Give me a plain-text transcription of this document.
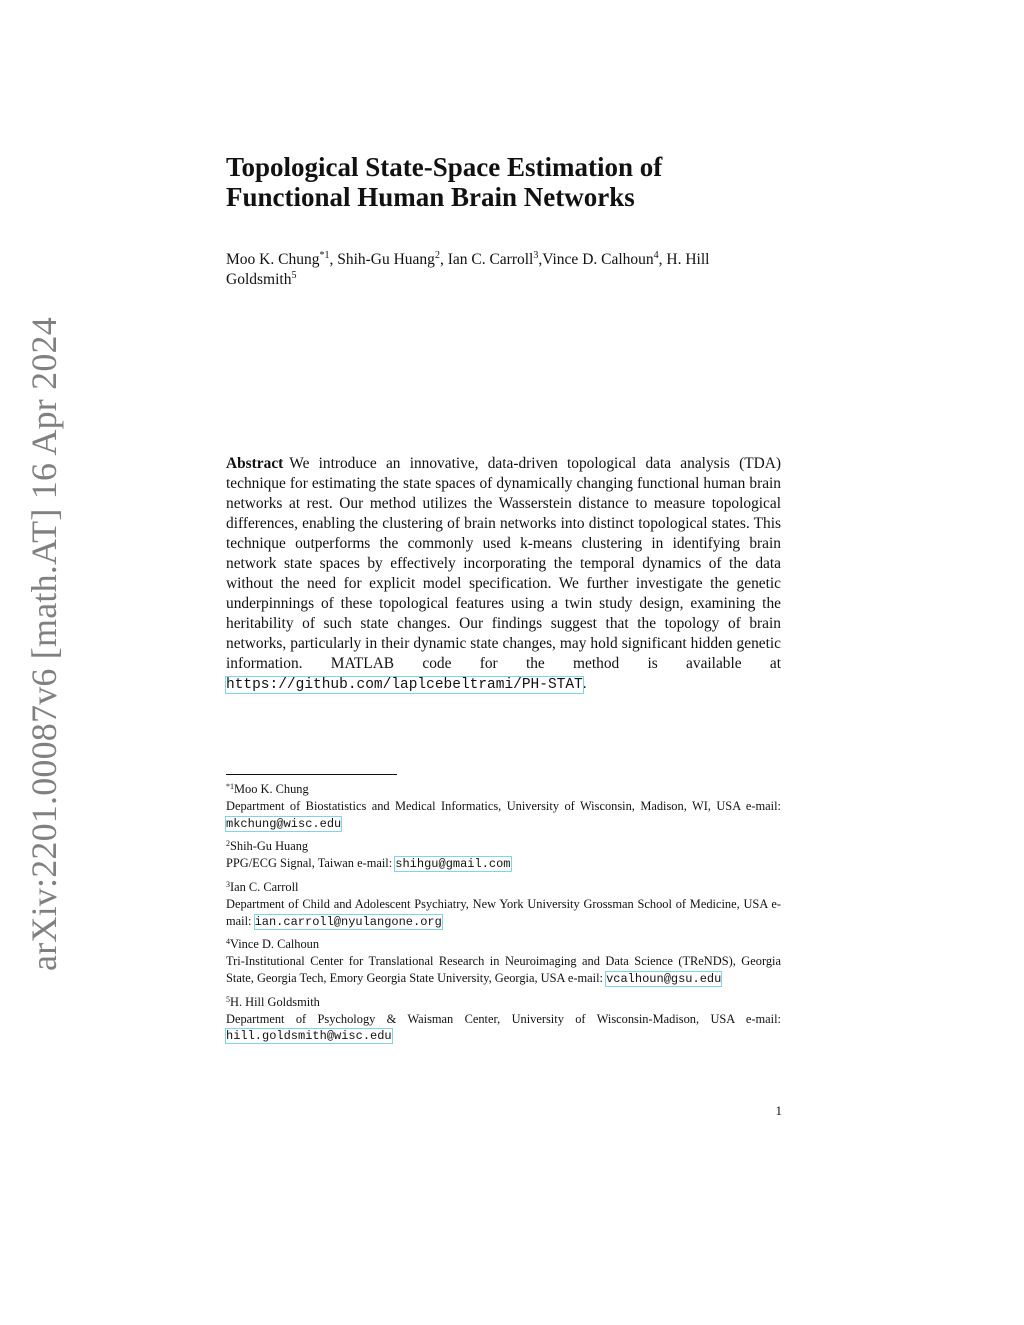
arXiv:2201.00087v6 [math.AT] 16 Apr 2024
Topological State-Space Estimation of
Functional Human Brain Networks
Moo K. Chung$^{*1}$, Shih-Gu Huang$^2$, Ian C. Carroll$^3$,Vince D. Calhoun$^4$, H. Hill Goldsmith$^5$
Abstract We introduce an innovative, data-driven topological data analysis (TDA) technique for estimating the state spaces of dynamically changing functional human brain networks at rest. Our method utilizes the Wasserstein distance to measure topological differences, enabling the clustering of brain networks into distinct topological states. This technique outperforms the commonly used k-means clustering in identifying brain network state spaces by effectively incorporating the temporal dynamics of the data without the need for explicit model specification. We further investigate the genetic underpinnings of these topological features using a twin study design, examining the heritability of such state changes. Our findings suggest that the topology of brain networks, particularly in their dynamic state changes, may hold significant hidden genetic information. MATLAB code for the method is available at https://github.com/laplcebeltrami/PH-STAT.
$^{*1}$Moo K. Chung
Department of Biostatistics and Medical Informatics, University of Wisconsin, Madison, WI, USA e-mail: mkchung@wisc.edu
$^2$Shih-Gu Huang
PPG/ECG Signal, Taiwan e-mail: shihgu@gmail.com
$^3$Ian C. Carroll
Department of Child and Adolescent Psychiatry, New York University Grossman School of Medicine, USA e-mail: ian.carroll@nyulangone.org
$^4$Vince D. Calhoun
Tri-Institutional Center for Translational Research in Neuroimaging and Data Science (TReNDS), Georgia State, Georgia Tech, Emory Georgia State University, Georgia, USA e-mail: vcalhoun@gsu.edu
$^5$H. Hill Goldsmith
Department of Psychology & Waisman Center, University of Wisconsin-Madison, USA e-mail: hill.goldsmith@wisc.edu
1
